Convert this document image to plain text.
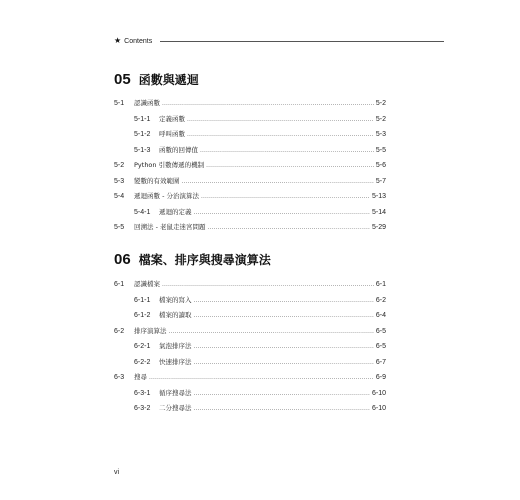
★ Contents
05 函數與遞迴
5-1	認識函數 .....	5-2
5-1-1	定義函數 .....	5-2
5-1-2	呼叫函數 .....	5-3
5-1-3	函數的回傳值 .....	5-5
5-2	Python 引數傳遞的機制 .....	5-6
5-3	變數的有效範圍 .....	5-7
5-4	遞迴函數 - 分治演算法 .....	5-13
5-4-1	遞迴的定義 .....	5-14
5-5	回溯法 - 老鼠走迷宮問題 .....	5-29
06 檔案、排序與搜尋演算法
6-1	認識檔案 .....	6-1
6-1-1	檔案的寫入 .....	6-2
6-1-2	檔案的讀取 .....	6-4
6-2	排序演算法 .....	6-5
6-2-1	氣泡排序法 .....	6-5
6-2-2	快速排序法 .....	6-7
6-3	搜尋 .....	6-9
6-3-1	循序搜尋法 .....	6-10
6-3-2	二分搜尋法 .....	6-10
vi
